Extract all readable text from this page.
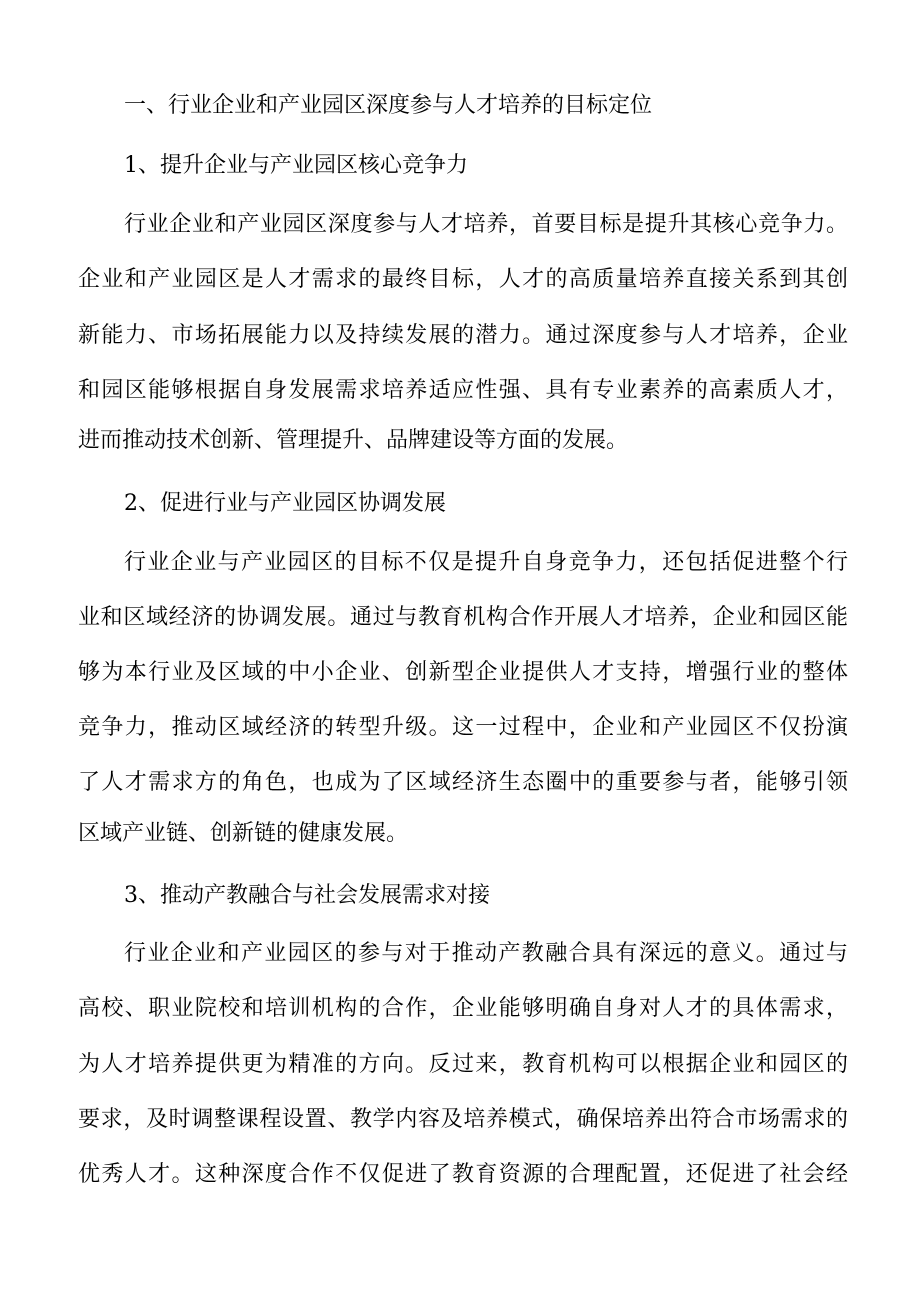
一、行业企业和产业园区深度参与人才培养的目标定位
1、提升企业与产业园区核心竞争力
行业企业和产业园区深度参与人才培养，首要目标是提升其核心竞争力。
企业和产业园区是人才需求的最终目标，人才的高质量培养直接关系到其创
新能力、市场拓展能力以及持续发展的潜力。通过深度参与人才培养，企业
和园区能够根据自身发展需求培养适应性强、具有专业素养的高素质人才，
进而推动技术创新、管理提升、品牌建设等方面的发展。
2、促进行业与产业园区协调发展
行业企业与产业园区的目标不仅是提升自身竞争力，还包括促进整个行
业和区域经济的协调发展。通过与教育机构合作开展人才培养，企业和园区能
够为本行业及区域的中小企业、创新型企业提供人才支持，增强行业的整体
竞争力，推动区域经济的转型升级。这一过程中，企业和产业园区不仅扮演
了人才需求方的角色，也成为了区域经济生态圈中的重要参与者，能够引领
区域产业链、创新链的健康发展。
3、推动产教融合与社会发展需求对接
行业企业和产业园区的参与对于推动产教融合具有深远的意义。通过与
高校、职业院校和培训机构的合作，企业能够明确自身对人才的具体需求，
为人才培养提供更为精准的方向。反过来，教育机构可以根据企业和园区的
要求，及时调整课程设置、教学内容及培养模式，确保培养出符合市场需求的
优秀人才。这种深度合作不仅促进了教育资源的合理配置，还促进了社会经
